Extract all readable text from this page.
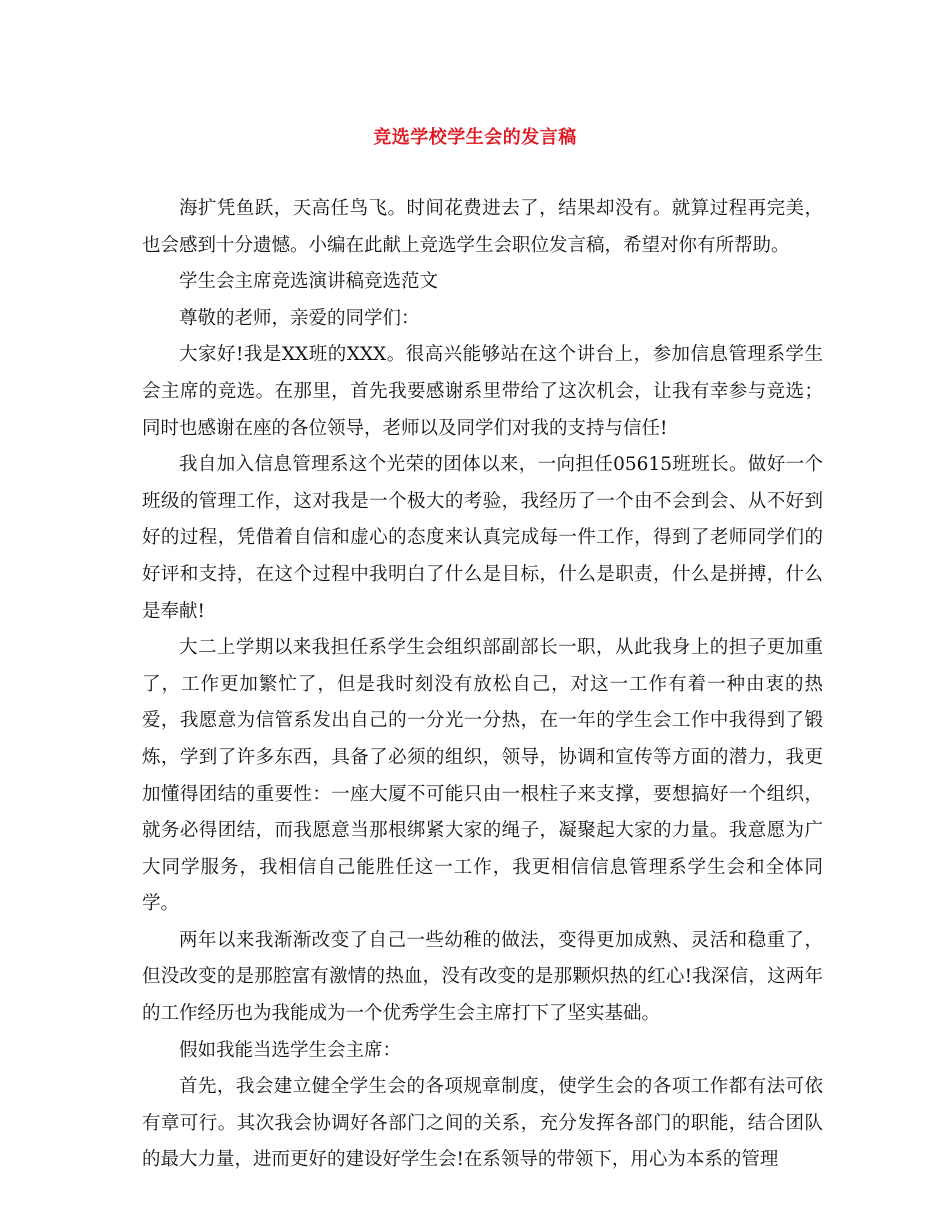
竞选学校学生会的发言稿

海扩凭鱼跃，天高任鸟飞。时间花费进去了，结果却没有。就算过程再完美，也会感到十分遗憾。小编在此献上竞选学生会职位发言稿，希望对你有所帮助。

学生会主席竞选演讲稿竞选范文

尊敬的老师，亲爱的同学们：

大家好!我是XX班的XXX。很高兴能够站在这个讲台上，参加信息管理系学生会主席的竞选。在那里，首先我要感谢系里带给了这次机会，让我有幸参与竞选；同时也感谢在座的各位领导，老师以及同学们对我的支持与信任!

我自加入信息管理系这个光荣的团体以来，一向担任05615班班长。做好一个班级的管理工作，这对我是一个极大的考验，我经历了一个由不会到会、从不好到好的过程，凭借着自信和虚心的态度来认真完成每一件工作，得到了老师同学们的好评和支持，在这个过程中我明白了什么是目标，什么是职责，什么是拼搏，什么是奉献!

大二上学期以来我担任系学生会组织部副部长一职，从此我身上的担子更加重了，工作更加繁忙了，但是我时刻没有放松自己，对这一工作有着一种由衷的热爱，我愿意为信管系发出自己的一分光一分热，在一年的学生会工作中我得到了锻炼，学到了许多东西，具备了必须的组织，领导，协调和宣传等方面的潜力，我更加懂得团结的重要性：一座大厦不可能只由一根柱子来支撑，要想搞好一个组织，就务必得团结，而我愿意当那根绑紧大家的绳子，凝聚起大家的力量。我意愿为广大同学服务，我相信自己能胜任这一工作，我更相信信息管理系学生会和全体同学。

两年以来我渐渐改变了自己一些幼稚的做法，变得更加成熟、灵活和稳重了，但没改变的是那腔富有激情的热血，没有改变的是那颗炽热的红心!我深信，这两年的工作经历也为我能成为一个优秀学生会主席打下了坚实基础。

假如我能当选学生会主席：

首先，我会建立健全学生会的各项规章制度，使学生会的各项工作都有法可依有章可行。其次我会协调好各部门之间的关系，充分发挥各部门的职能，结合团队的最大力量，进而更好的建设好学生会!在系领导的带领下，用心为本系的管理
